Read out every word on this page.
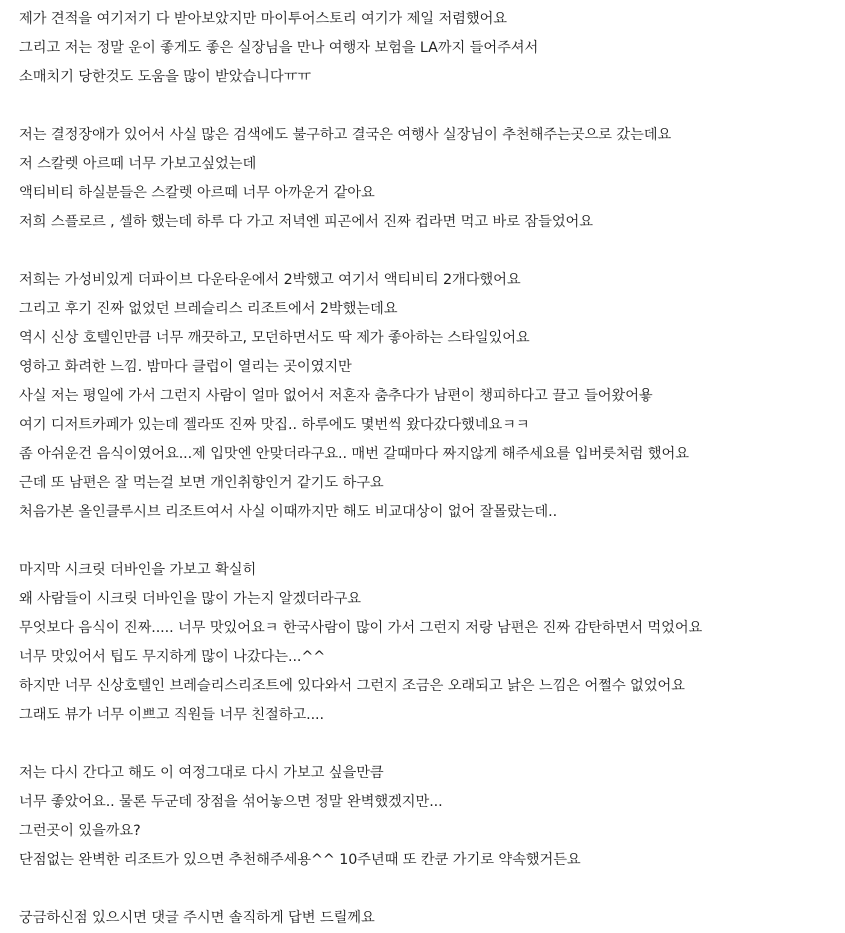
제가 견적을 여기저기 다 받아보았지만 마이투어스토리 여기가 제일 저렴했어요
그리고 저는 정말 운이 좋게도 좋은 실장님을 만나 여행자 보험을 LA까지 들어주셔서
소매치기 당한것도 도움을 많이 받았습니다ㅠㅠ
저는 결정장애가 있어서 사실 많은 검색에도 불구하고 결국은 여행사 실장님이 추천해주는곳으로 갔는데요
저 스칼렛 아르떼 너무 가보고싶었는데
액티비티 하실분들은 스칼렛 아르떼 너무 아까운거 같아요
저희 스플로르 , 셀하 했는데 하루 다 가고 저녁엔 피곤에서 진짜 컵라면 먹고 바로 잠들었어요
저희는 가성비있게 더파이브 다운타운에서 2박했고 여기서 액티비티 2개다했어요
그리고 후기 진짜 없었던 브레슬리스 리조트에서 2박했는데요
역시 신상 호텔인만큼 너무 깨끗하고, 모던하면서도 딱 제가 좋아하는 스타일있어요
영하고 화려한 느낌. 밤마다 클럽이 열리는 곳이였지만
사실 저는 평일에 가서 그런지 사람이 얼마 없어서 저혼자 춤추다가 남편이 챙피하다고 끌고 들어왔어욯
여기 디저트카페가 있는데 젤라또 진짜 맛집.. 하루에도 몇번씩 왔다갔다했네요ㅋㅋ
좀 아쉬운건 음식이였어요...제 입맛엔 안맞더라구요.. 매번 갈때마다 짜지않게 해주세요를 입버릇처럼 했어요
근데 또 남편은 잘 먹는걸 보면 개인취향인거 같기도 하구요
처음가본 올인클루시브 리조트여서 사실 이때까지만 해도 비교대상이 없어 잘몰랐는데..
마지막 시크릿 더바인을 가보고 확실히
왜 사람들이 시크릿 더바인을 많이 가는지 알겠더라구요
무엇보다 음식이 진짜..... 너무 맛있어요ㅋ 한국사람이 많이 가서 그런지 저랑 남편은 진짜 감탄하면서 먹었어요
너무 맛있어서 팁도 무지하게 많이 나갔다는...^^
하지만 너무 신상호텔인 브레슬리스리조트에 있다와서 그런지 조금은 오래되고 낡은 느낌은 어쩔수 없었어요
그래도 뷰가 너무 이쁘고 직원들 너무 친절하고....
저는 다시 간다고 해도 이 여정그대로 다시 가보고 싶을만큼
너무 좋았어요.. 물론 두군데 장점을 섞어놓으면 정말 완벽했겠지만...
그런곳이 있을까요?
단점없는 완벽한 리조트가 있으면 추천해주세용^^ 10주년때 또 칸쿤 가기로 약속했거든요
궁금하신점 있으시면 댓글 주시면 솔직하게 답변 드릴께요
